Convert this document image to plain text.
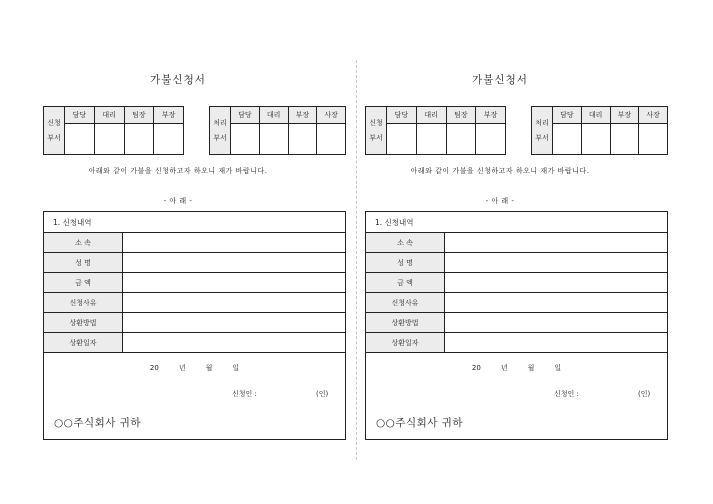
가불신청서
신청
부서	담당	대리	팀장	부장

처리
부서	담당	대리	부장	사장

아래와 같이 가불을 신청하고자 하오니 재가 바랍니다.
- 아 래 -
1. 신청내역
소 속	
성 명	
금 액	
신청사유	
상환방법	
상환일자	
20	년	월	일
신청인 :	(인)
○○주식회사 귀하
가불신청서
신청
부서	담당	대리	팀장	부장

처리
부서	담당	대리	부장	사장

아래와 같이 가불을 신청하고자 하오니 재가 바랍니다.
- 아 래 -
1. 신청내역
소 속	
성 명	
금 액	
신청사유	
상환방법	
상환일자	
20	년	월	일
신청인 :	(인)
○○주식회사 귀하
